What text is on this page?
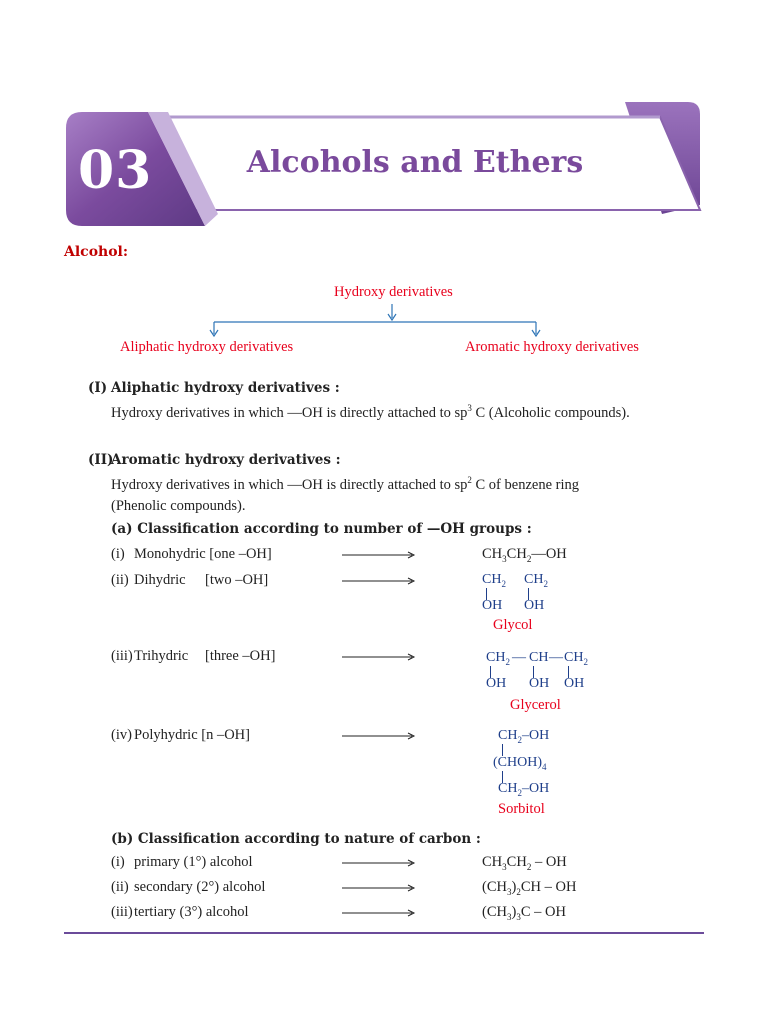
03	Alcohols and Ethers
Alcohol:
Hydroxy derivatives
Aliphatic hydroxy derivatives	Aromatic hydroxy derivatives
(I) Aliphatic hydroxy derivatives :
Hydroxy derivatives in which —OH is directly attached to $sp^3$ C (Alcoholic compounds).
(II)
Aromatic hydroxy derivatives :
Hydroxy derivatives in which —OH is directly attached to $sp^2$ C of benzene ring
(Phenolic compounds).
(a) Classification according to number of —OH groups :
(i) Monohydric [one –OH]	$CH_3CH_2—OH$
(ii) Dihydric [two –OH]	$CH_2$ $CH_2$
OH OH
Glycol
(iii) Trihydric [three –OH]	$CH_2$ — CH — $CH_2$
OH OH OH
Glycerol
(iv) Polyhydric [n –OH]	$CH_2-OH$
$(CHOH)_4$
$CH_2-OH$
Sorbitol
(b) Classification according to nature of carbon :
(i) primary (1°) alcohol	$CH_3CH_2$ – OH
(ii) secondary (2°) alcohol	$(CH_3)_2CH$ – OH
(iii) tertiary (3°) alcohol	$(CH_3)_3C$ – OH
